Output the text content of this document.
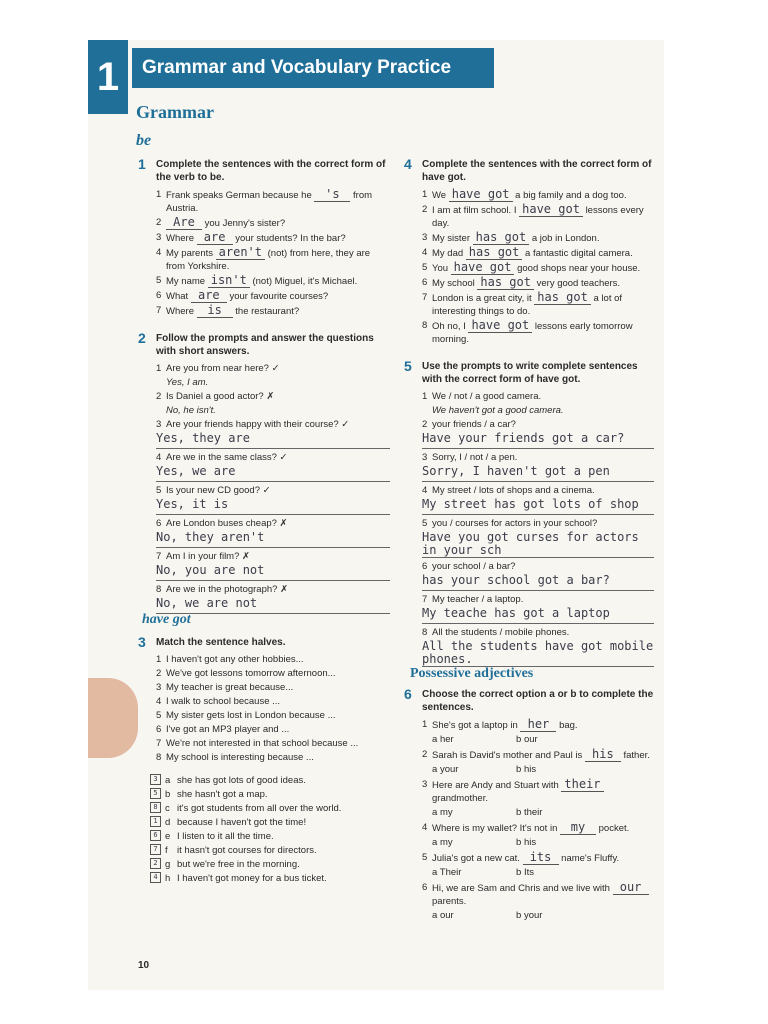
1	Grammar and Vocabulary Practice
Grammar
be
1	Complete the sentences with the correct form of the verb to be.
1 Frank speaks German because he 's from Austria.
2 Are you Jenny's sister?
3 Where are your students? In the bar?
4 My parents aren't (not) from here, they are from Yorkshire.
5 My name isn't (not) Miguel, it's Michael.
6 What are your favourite courses?
7 Where is the restaurant?
2	Follow the prompts and answer the questions with short answers.
1 Are you from near here? ✓
Yes, I am.
2 Is Daniel a good actor? ✗
No, he isn't.
3 Are your friends happy with their course? ✓
Yes, they are
4 Are we in the same class? ✓
Yes, we are
5 Is your new CD good? ✓
Yes, it is
6 Are London buses cheap? ✗
No, they aren't
7 Am I in your film? ✗
No, you are not
8 Are we in the photograph? ✗
No, we are not
have got
3	Match the sentence halves.
1 I haven't got any other hobbies...
2 We've got lessons tomorrow afternoon...
3 My teacher is great because...
4 I walk to school because ...
5 My sister gets lost in London because ...
6 I've got an MP3 player and ...
7 We're not interested in that school because ...
8 My school is interesting because ...
3 a she has got lots of good ideas.
5 b she hasn't got a map.
8 c it's got students from all over the world.
1 d because I haven't got the time!
6 e I listen to it all the time.
7 f it hasn't got courses for directors.
2 g but we're free in the morning.
4 h I haven't got money for a bus ticket.
4	Complete the sentences with the correct form of have got.
1 We have got a big family and a dog too.
2 I am at film school. I have got lessons every day.
3 My sister has got a job in London.
4 My dad has got a fantastic digital camera.
5 You have got good shops near your house.
6 My school has got very good teachers.
7 London is a great city, it has got a lot of interesting things to do.
8 Oh no, I have got lessons early tomorrow morning.
5	Use the prompts to write complete sentences with the correct form of have got.
1 We / not / a good camera.
We haven't got a good camera.
2 your friends / a car?
Have your friends got a car?
3 Sorry, I / not / a pen.
Sorry, I haven't got a pen
4 My street / lots of shops and a cinema.
My street has got lots of shop
5 you / courses for actors in your school?
Have you got curses for actors in your sch
6 your school / a bar?
has your school got a bar?
7 My teacher / a laptop.
My teache has got a laptop
8 All the students / mobile phones.
All the students have got mobile phones.
Possessive adjectives
6	Choose the correct option a or b to complete the sentences.
1 She's got a laptop in her bag.
a her	b our
2 Sarah is David's mother and Paul is his father.
a your	b his
3 Here are Andy and Stuart with their grandmother.
a my	b their
4 Where is my wallet? It's not in my pocket.
a my	b his
5 Julia's got a new cat. its name's Fluffy.
a Their	b Its
6 Hi, we are Sam and Chris and we live with our parents.
a our	b your
10
